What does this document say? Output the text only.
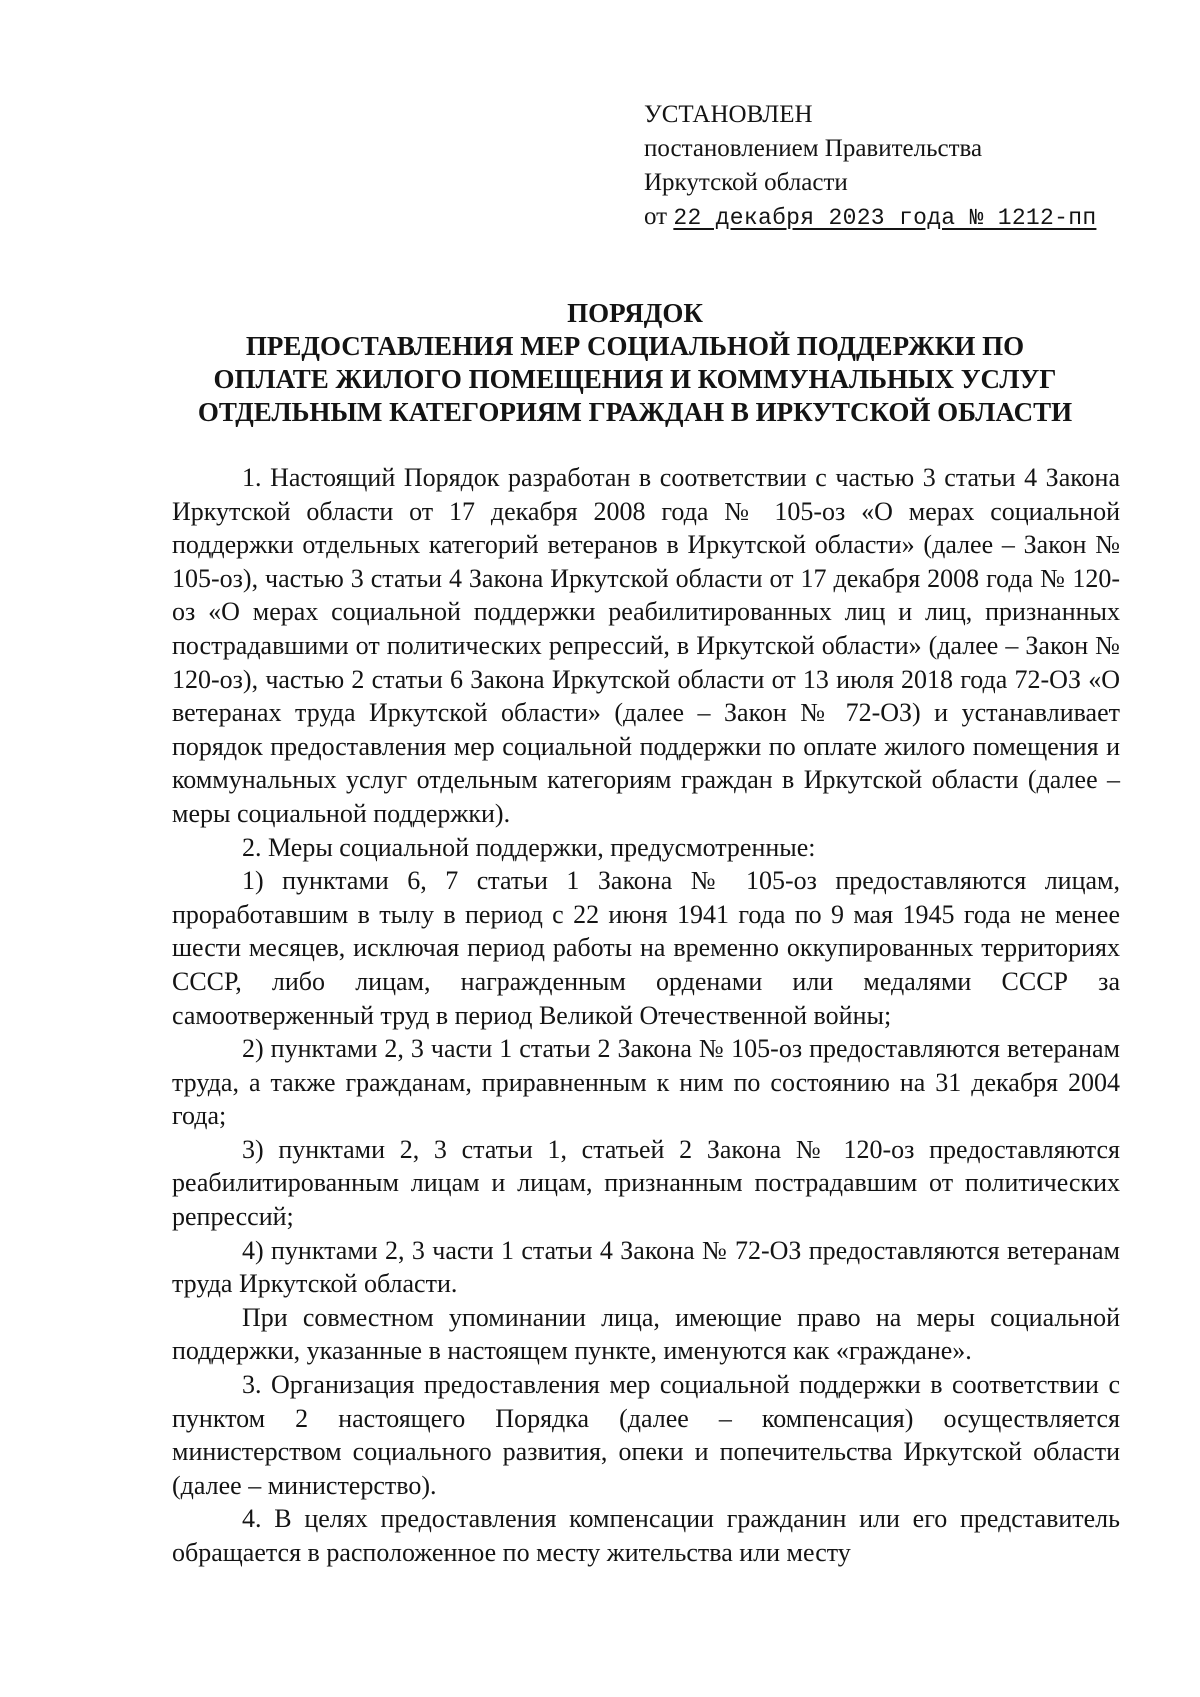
УСТАНОВЛЕН
постановлением Правительства
Иркутской области
от 22 декабря 2023 года № 1212-пп
ПОРЯДОК
ПРЕДОСТАВЛЕНИЯ МЕР СОЦИАЛЬНОЙ ПОДДЕРЖКИ ПО
ОПЛАТЕ ЖИЛОГО ПОМЕЩЕНИЯ И КОММУНАЛЬНЫХ УСЛУГ
ОТДЕЛЬНЫМ КАТЕГОРИЯМ ГРАЖДАН В ИРКУТСКОЙ ОБЛАСТИ

1. Настоящий Порядок разработан в соответствии с частью 3 статьи 4 Закона Иркутской области от 17 декабря 2008 года № 105-оз «О мерах социальной поддержки отдельных категорий ветеранов в Иркутской области» (далее – Закон № 105-оз), частью 3 статьи 4 Закона Иркутской области от 17 декабря 2008 года № 120-оз «О мерах социальной поддержки реабилитированных лиц и лиц, признанных пострадавшими от политических репрессий, в Иркутской области» (далее – Закон № 120-оз), частью 2 статьи 6 Закона Иркутской области от 13 июля 2018 года 72-ОЗ «О ветеранах труда Иркутской области» (далее – Закон № 72-ОЗ) и устанавливает порядок предоставления мер социальной поддержки по оплате жилого помещения и коммунальных услуг отдельным категориям граждан в Иркутской области (далее – меры социальной поддержки).

2. Меры социальной поддержки, предусмотренные:

1) пунктами 6, 7 статьи 1 Закона № 105-оз предоставляются лицам, проработавшим в тылу в период с 22 июня 1941 года по 9 мая 1945 года не менее шести месяцев, исключая период работы на временно оккупированных территориях СССР, либо лицам, награжденным орденами или медалями СССР за самоотверженный труд в период Великой Отечественной войны;

2) пунктами 2, 3 части 1 статьи 2 Закона № 105-оз предоставляются ветеранам труда, а также гражданам, приравненным к ним по состоянию на 31 декабря 2004 года;

3) пунктами 2, 3 статьи 1, статьей 2 Закона № 120-оз предоставляются реабилитированным лицам и лицам, признанным пострадавшим от политических репрессий;

4) пунктами 2, 3 части 1 статьи 4 Закона № 72-ОЗ предоставляются ветеранам труда Иркутской области.

При совместном упоминании лица, имеющие право на меры социальной поддержки, указанные в настоящем пункте, именуются как «граждане».

3. Организация предоставления мер социальной поддержки в соответствии с пунктом 2 настоящего Порядка (далее – компенсация) осуществляется министерством социального развития, опеки и попечительства Иркутской области (далее – министерство).

4. В целях предоставления компенсации гражданин или его представитель обращается в расположенное по месту жительства или месту
